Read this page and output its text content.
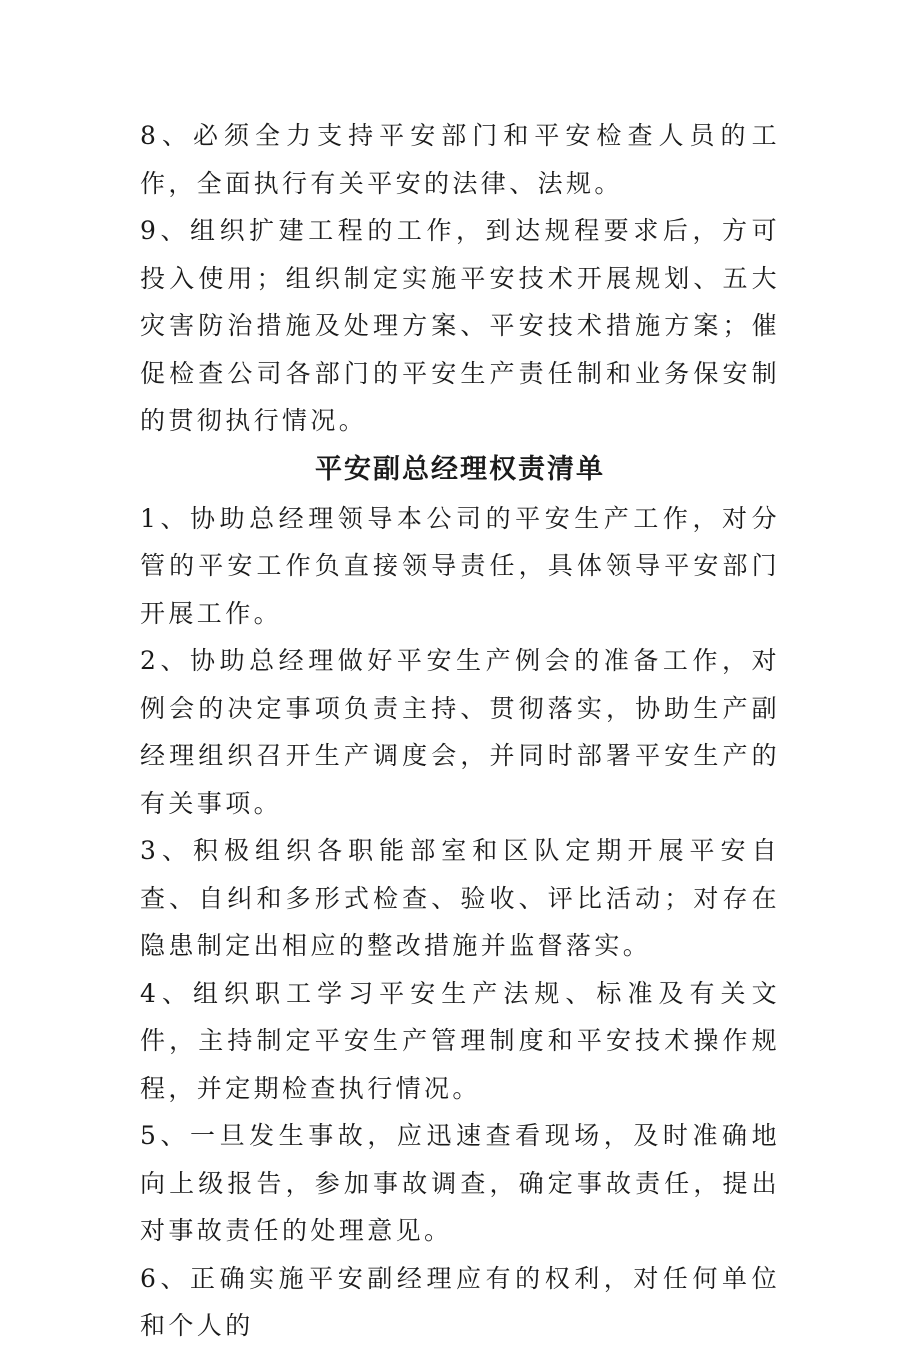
8、必须全力支持平安部门和平安检查人员的工作，全面执行有关平安的法律、法规。

9、组织扩建工程的工作，到达规程要求后，方可投入使用；组织制定实施平安技术开展规划、五大灾害防治措施及处理方案、平安技术措施方案；催促检查公司各部门的平安生产责任制和业务保安制的贯彻执行情况。

平安副总经理权责清单

1、协助总经理领导本公司的平安生产工作，对分管的平安工作负直接领导责任，具体领导平安部门开展工作。

2、协助总经理做好平安生产例会的准备工作，对例会的决定事项负责主持、贯彻落实，协助生产副经理组织召开生产调度会，并同时部署平安生产的有关事项。

3、积极组织各职能部室和区队定期开展平安自查、自纠和多形式检查、验收、评比活动；对存在隐患制定出相应的整改措施并监督落实。

4、组织职工学习平安生产法规、标准及有关文件，主持制定平安生产管理制度和平安技术操作规程，并定期检查执行情况。

5、一旦发生事故，应迅速查看现场，及时准确地向上级报告，参加事故调查，确定事故责任，提出对事故责任的处理意见。

6、正确实施平安副经理应有的权利，对任何单位和个人的
